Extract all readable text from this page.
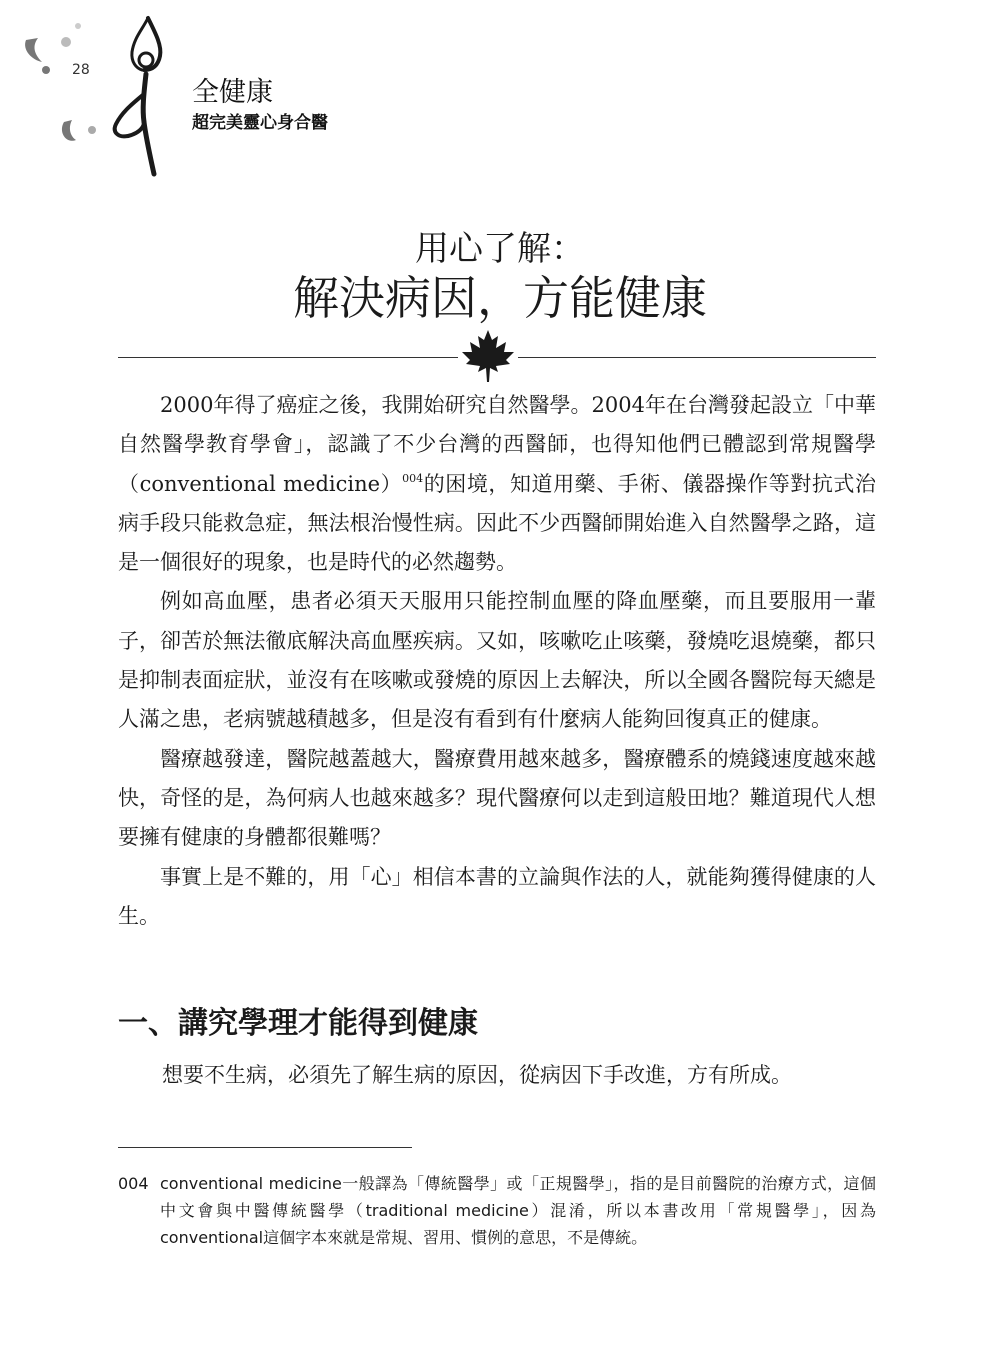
28
全健康
超完美靈心身合醫
用心了解：
解決病因，方能健康

2000年得了癌症之後，我開始研究自然醫學。2004年在台灣發起設立「中華自然醫學教育學會」，認識了不少台灣的西醫師，也得知他們已體認到常規醫學（conventional medicine）$^{004}$的困境，知道用藥、手術、儀器操作等對抗式治病手段只能救急症，無法根治慢性病。因此不少西醫師開始進入自然醫學之路，這是一個很好的現象，也是時代的必然趨勢。

例如高血壓，患者必須天天服用只能控制血壓的降血壓藥，而且要服用一輩子，卻苦於無法徹底解決高血壓疾病。又如，咳嗽吃止咳藥，發燒吃退燒藥，都只是抑制表面症狀，並沒有在咳嗽或發燒的原因上去解決，所以全國各醫院每天總是人滿之患，老病號越積越多，但是沒有看到有什麼病人能夠回復真正的健康。

醫療越發達，醫院越蓋越大，醫療費用越來越多，醫療體系的燒錢速度越來越快，奇怪的是，為何病人也越來越多？現代醫療何以走到這般田地？難道現代人想要擁有健康的身體都很難嗎？

事實上是不難的，用「心」相信本書的立論與作法的人，就能夠獲得健康的人生。

一、講究學理才能得到健康
想要不生病，必須先了解生病的原因，從病因下手改進，方有所成。
004 conventional medicine一般譯為「傳統醫學」或「正規醫學」，指的是目前醫院的治療方式，這個中文會與中醫傳統醫學（traditional medicine）混淆，所以本書改用「常規醫學」，因為conventional這個字本來就是常規、習用、慣例的意思，不是傳統。
